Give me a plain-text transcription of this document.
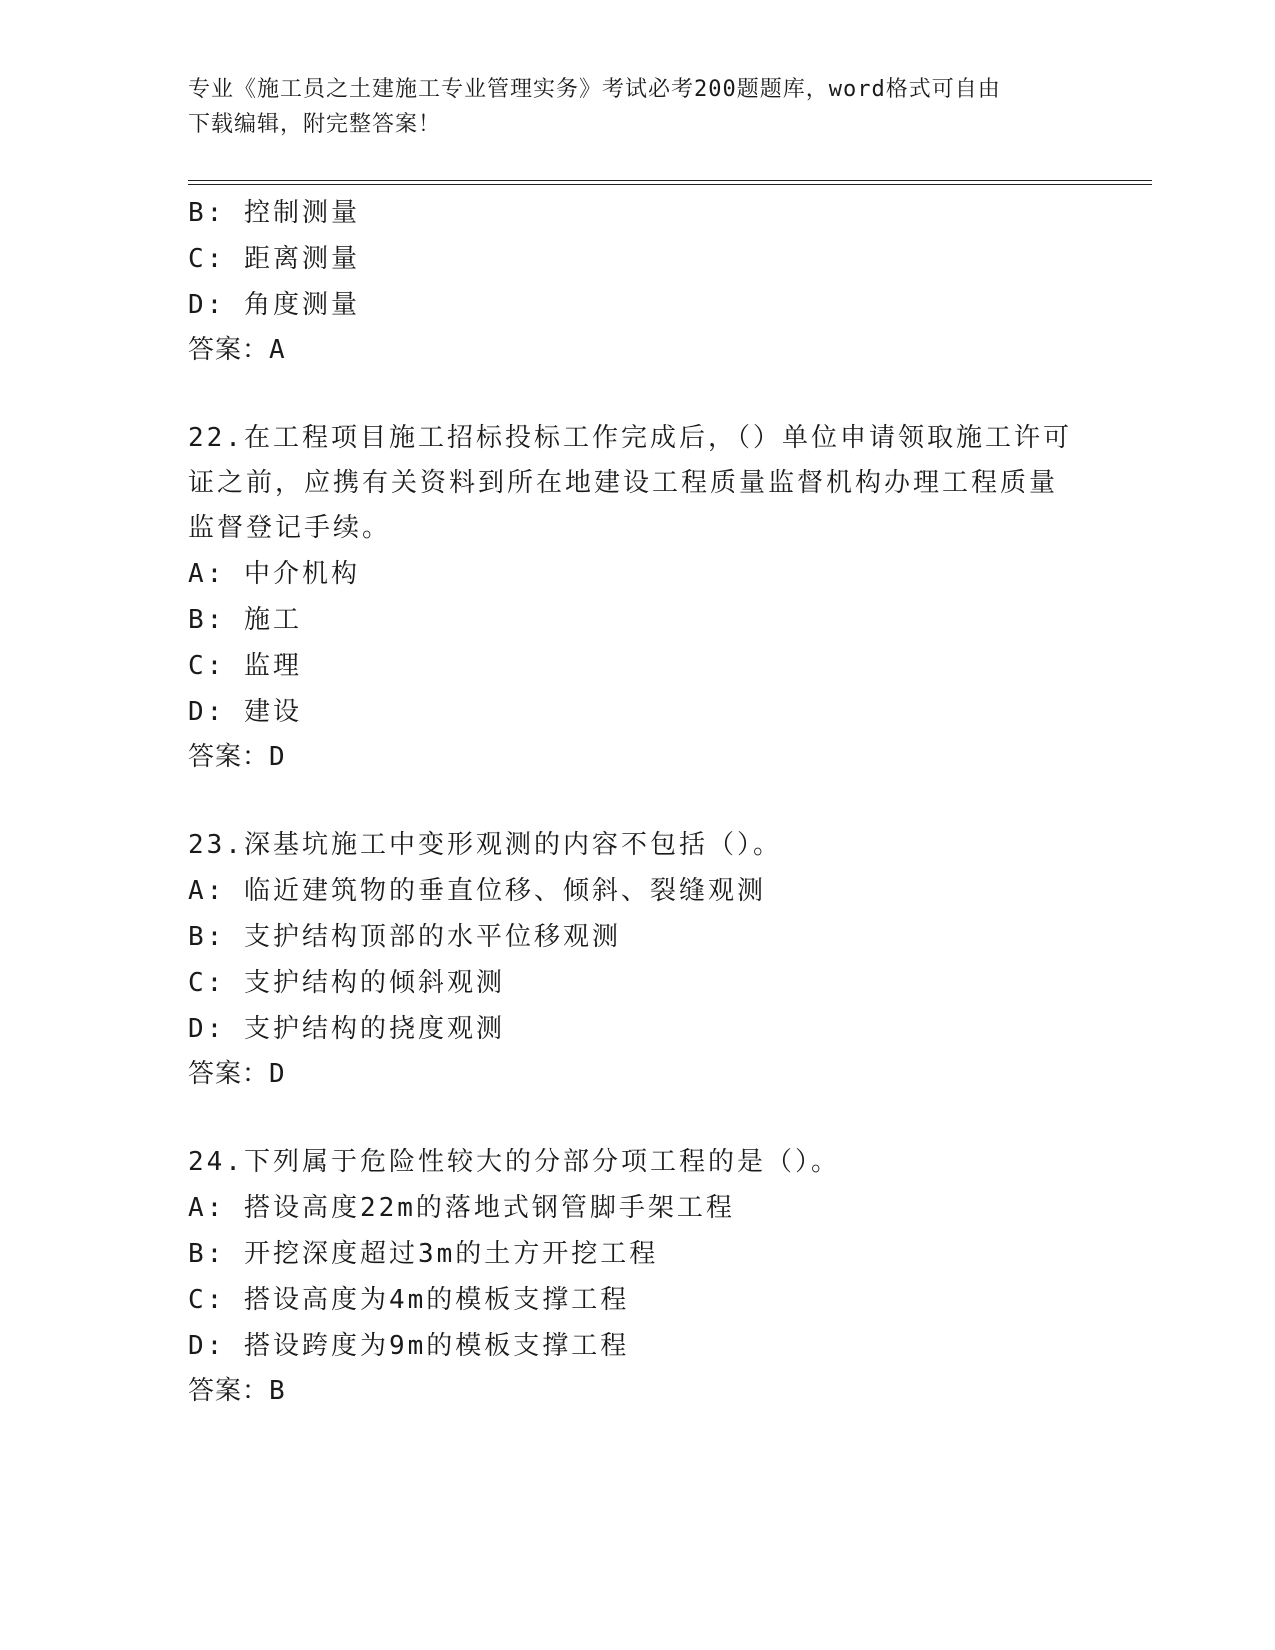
专业《施工员之土建施工专业管理实务》考试必考200题题库，word格式可自由
下载编辑，附完整答案！
B: 控制测量
C: 距离测量
D: 角度测量
答案：A
22.在工程项目施工招标投标工作完成后，（）单位申请领取施工许可
证之前，应携有关资料到所在地建设工程质量监督机构办理工程质量
监督登记手续。
A: 中介机构
B: 施工
C: 监理
D: 建设
答案：D
23.深基坑施工中变形观测的内容不包括（）。
A: 临近建筑物的垂直位移、倾斜、裂缝观测
B: 支护结构顶部的水平位移观测
C: 支护结构的倾斜观测
D: 支护结构的挠度观测
答案：D
24.下列属于危险性较大的分部分项工程的是（）。
A: 搭设高度22m的落地式钢管脚手架工程
B: 开挖深度超过3m的土方开挖工程
C: 搭设高度为4m的模板支撑工程
D: 搭设跨度为9m的模板支撑工程
答案：B
